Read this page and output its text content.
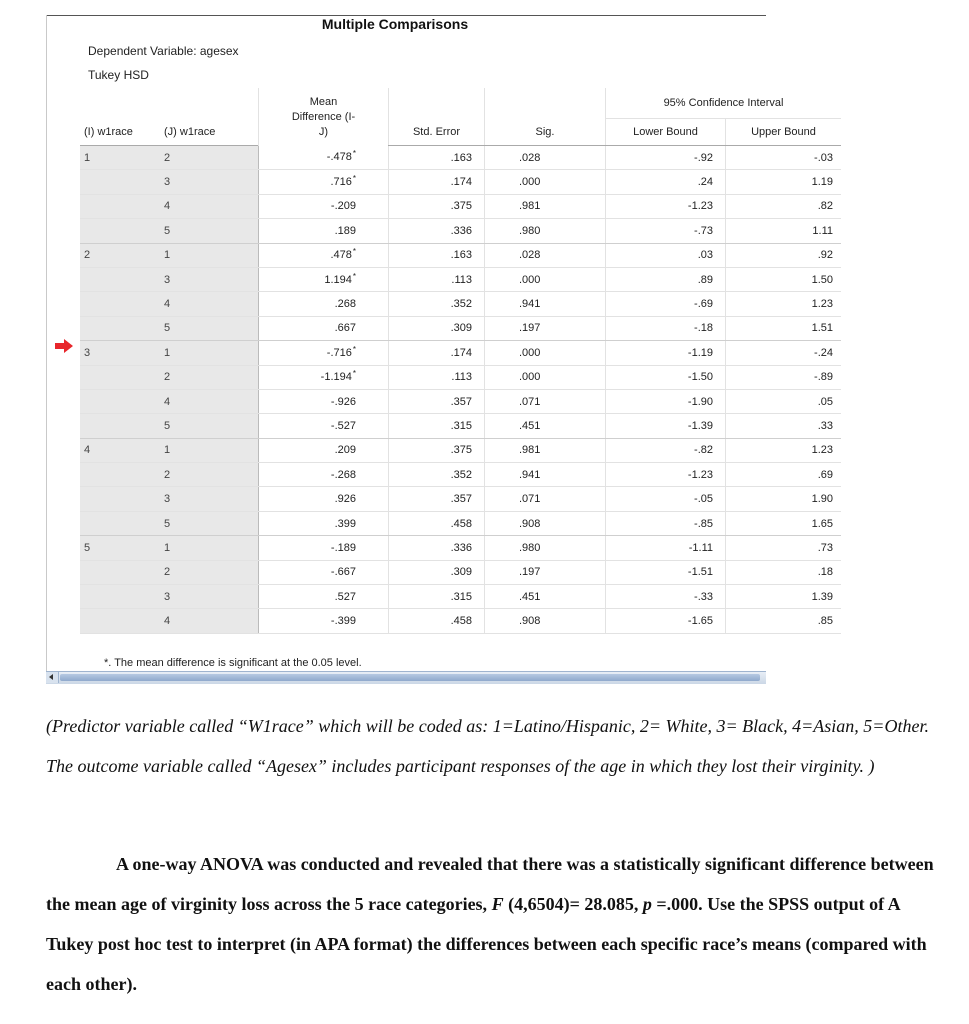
Multiple Comparisons
Dependent Variable: agesex
Tukey HSD

		Mean
Difference (I-
J)			95% Confidence Interval	
(I) w1race	(J) w1race		Std. Error	Sig.	Lower Bound	Upper Bound
1	2	-.478*	.163	.028	-.92	-.03
	3	.716*	.174	.000	.24	1.19
	4	-.209	.375	.981	-1.23	.82
	5	.189	.336	.980	-.73	1.11
2	1	.478*	.163	.028	.03	.92
	3	1.194*	.113	.000	.89	1.50
	4	.268	.352	.941	-.69	1.23
	5	.667	.309	.197	-.18	1.51
3	1	-.716*	.174	.000	-1.19	-.24
	2	-1.194*	.113	.000	-1.50	-.89
	4	-.926	.357	.071	-1.90	.05
	5	-.527	.315	.451	-1.39	.33
4	1	.209	.375	.981	-.82	1.23
	2	-.268	.352	.941	-1.23	.69
	3	.926	.357	.071	-.05	1.90
	5	.399	.458	.908	-.85	1.65
5	1	-.189	.336	.980	-1.11	.73
	2	-.667	.309	.197	-1.51	.18
	3	.527	.315	.451	-.33	1.39
	4	-.399	.458	.908	-1.65	.85
*. The mean difference is significant at the 0.05 level.

(Predictor variable called “W1race” which will be coded as: 1=Latino/Hispanic, 2= White, 3= Black, 4=Asian, 5=Other. The outcome variable called “Agesex” includes participant responses of the age in which they lost their virginity. )

A one-way ANOVA was conducted and revealed that there was a statistically significant difference between the mean age of virginity loss across the 5 race categories, F (4,6504)= 28.085, p =.000. Use the SPSS output of A Tukey post hoc test to interpret (in APA format) the differences between each specific race’s means (compared with each other).
